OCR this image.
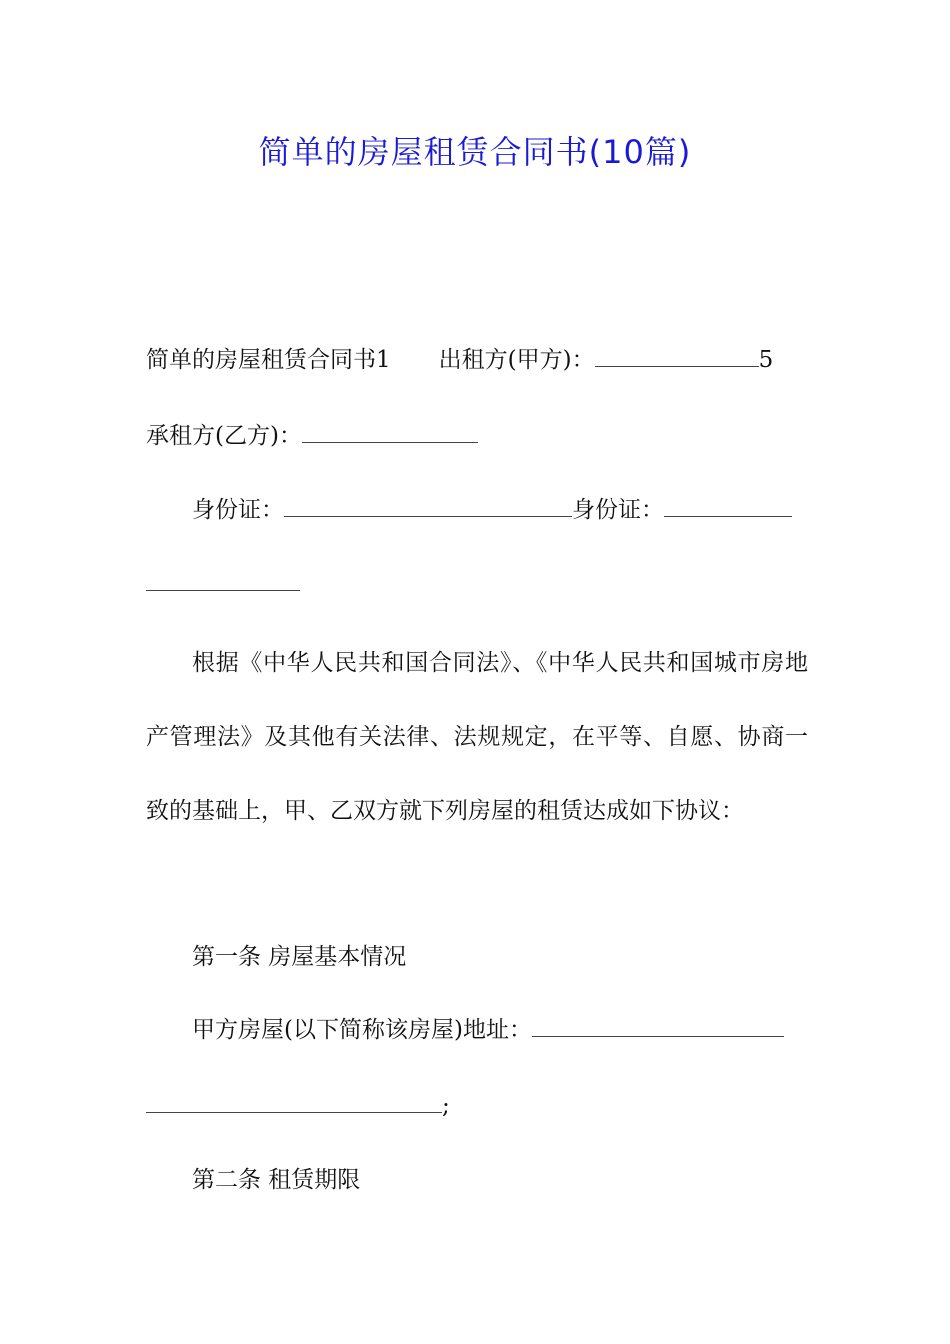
简单的房屋租赁合同书(10篇)
简单的房屋租赁合同书1 出租方(甲方)：	5
承租方(乙方)：
身份证：	身份证：
根据《中华人民共和国合同法》、《中华人民共和国城市房地产管理法》及其他有关法律、法规规定，在平等、自愿、协商一致的基础上，甲、乙双方就下列房屋的租赁达成如下协议：
第一条 房屋基本情况
甲方房屋(以下简称该房屋)地址：
;
第二条 租赁期限
